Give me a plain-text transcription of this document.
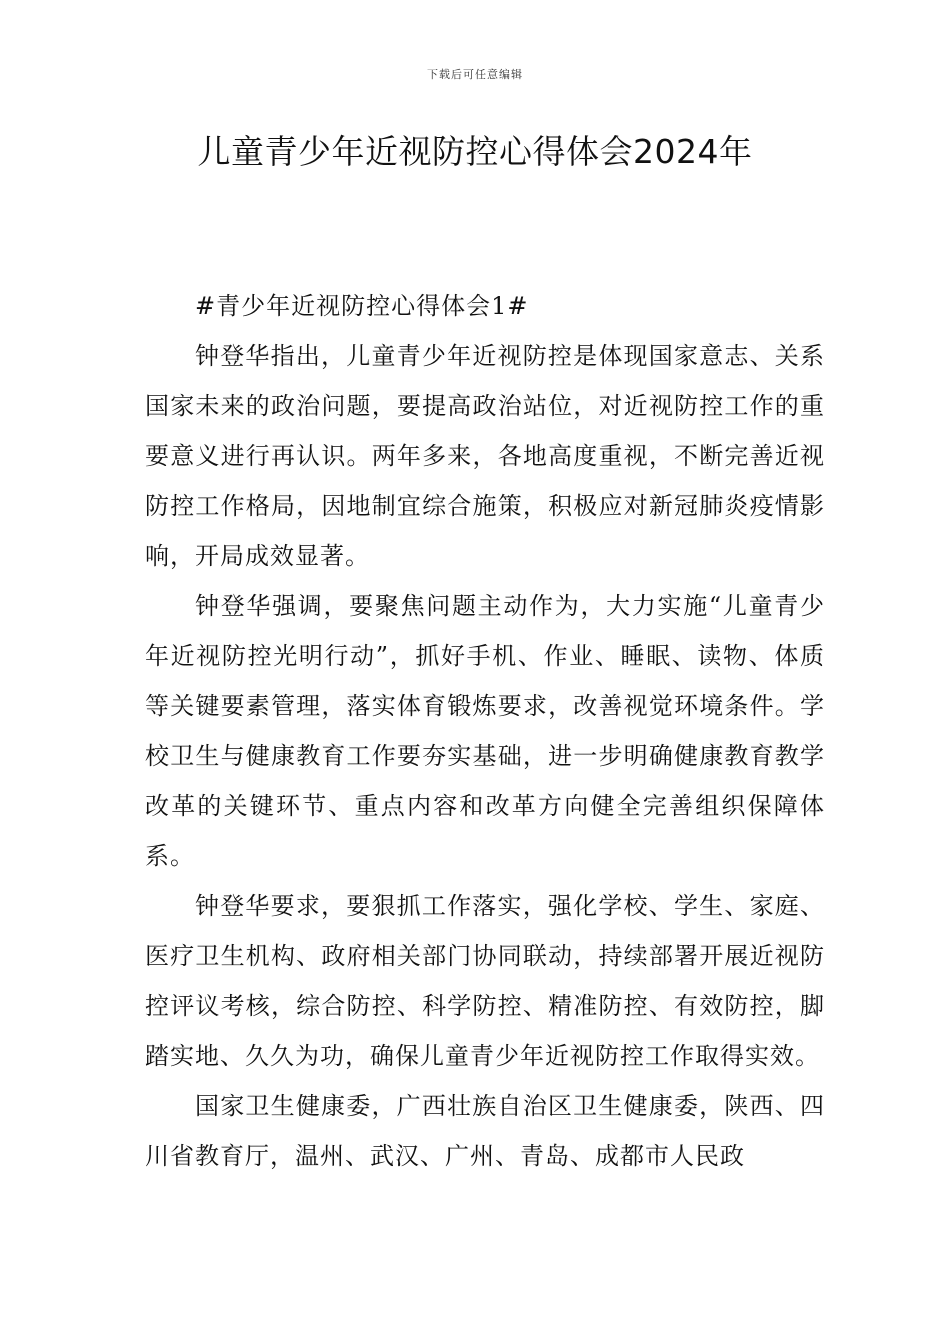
下载后可任意编辑
儿童青少年近视防控心得体会2024年

#青少年近视防控心得体会1#

钟登华指出，儿童青少年近视防控是体现国家意志、关系国家未来的政治问题，要提高政治站位，对近视防控工作的重要意义进行再认识。两年多来，各地高度重视，不断完善近视防控工作格局，因地制宜综合施策，积极应对新冠肺炎疫情影响，开局成效显著。

钟登华强调，要聚焦问题主动作为，大力实施“儿童青少年近视防控光明行动”，抓好手机、作业、睡眠、读物、体质等关键要素管理，落实体育锻炼要求，改善视觉环境条件。学校卫生与健康教育工作要夯实基础，进一步明确健康教育教学改革的关键环节、重点内容和改革方向健全完善组织保障体系。

钟登华要求，要狠抓工作落实，强化学校、学生、家庭、医疗卫生机构、政府相关部门协同联动，持续部署开展近视防控评议考核，综合防控、科学防控、精准防控、有效防控，脚踏实地、久久为功，确保儿童青少年近视防控工作取得实效。

国家卫生健康委，广西壮族自治区卫生健康委，陕西、四川省教育厅，温州、武汉、广州、青岛、成都市人民政
